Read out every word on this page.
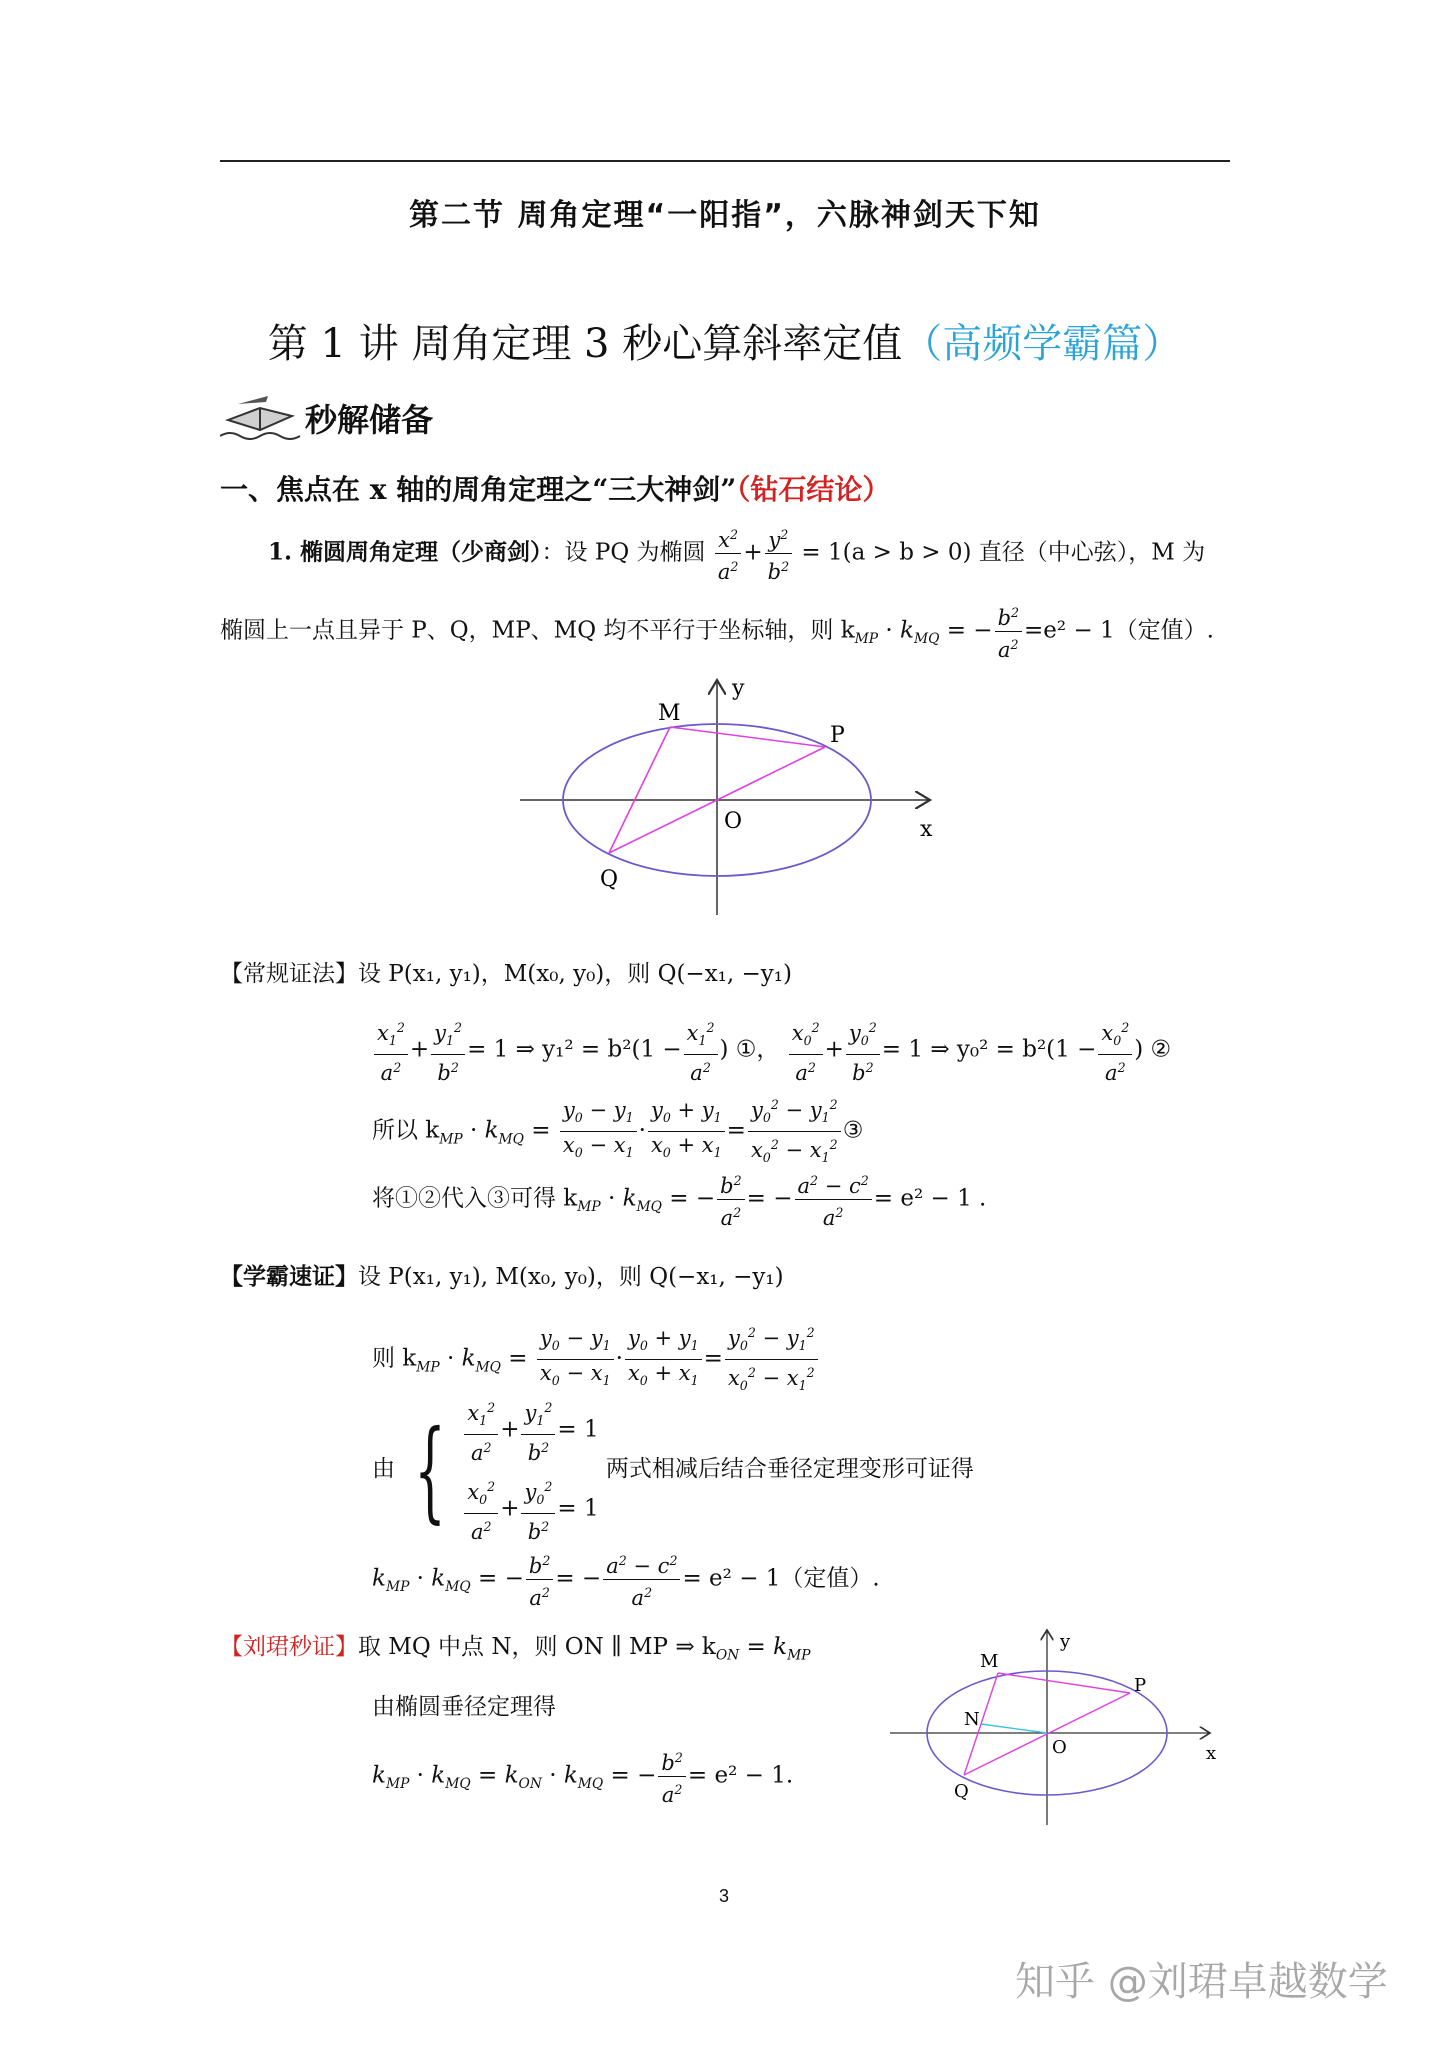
第二节 周角定理“一阳指”，六脉神剑天下知
第 1 讲 周角定理 3 秒心算斜率定值（高频学霸篇）
秒解储备
一、焦点在 x 轴的周角定理之“三大神剑”（钻石结论）
1. 椭圆周角定理（少商剑）：设 PQ 为椭圆 $\frac{x^2}{a^2} + \frac{y^2}{b^2} = 1(a > b > 0)$ 直径（中心弦），M 为
椭圆上一点且异于 P、Q，MP、MQ 均不平行于坐标轴，则 $k_{MP} \cdot k_{MQ}$ = − $\frac{b^2}{a^2} =e^2 - 1$（定值）.
M
P
Q
O	x
y
【常规证法】设 P(x₁, y₁)，M(x₀, y₀)，则 Q(−x₁, −y₁)
$\frac{x_1^2}{a^2} + \frac{y_1^2}{b^2} = 1$ ⇒ $y_1^2 = b^2(1 - \frac{x_1^2}{a^2}$ ) ①， $\frac{x_0^2}{a^2} + \frac{y_0^2}{b^2} = 1$ ⇒ $y_0^2 = b^2(1 - \frac{x_0^2}{a^2}$ ) ②
所以 $k_{MP} \cdot k_{MQ} = \frac{y_0 - y_1}{x_0 - x_1} \cdot \frac{y_0 + y_1}{x_0 + x_1} = \frac{y_0^2 - y_1^2}{x_0^2 - x_1^2}$ ③
将①②代入③可得 $k_{MP} \cdot k_{MQ}$ = − $\frac{b^2}{a^2}$ = − $\frac{a^2 - c^2}{a^2} = e^2 - 1$ .
【学霸速证】设 P(x₁, y₁), M(x₀, y₀)，则 Q(−x₁, −y₁)
则 $k_{MP} \cdot k_{MQ} = \frac{y_0 - y_1}{x_0 - x_1} \cdot \frac{y_0 + y_1}{x_0 + x_1} = \frac{y_0^2 - y_1^2}{x_0^2 - x_1^2}$
由 { $\frac{x_1^2}{a^2} + \frac{y_1^2}{b^2} = 1$
$\frac{x_0^2}{a^2} + \frac{y_0^2}{b^2} = 1$
两式相减后结合垂径定理变形可证得
$k_{MP} \cdot k_{MQ}$ = − $\frac{b^2}{a^2}$ = − $\frac{a^2 - c^2}{a^2} = e^2 - 1$（定值）.
【刘珺秒证】取 MQ 中点 N，则 ON ∥ MP ⇒ $k_{ON} = k_{MP}$
由椭圆垂径定理得
$k_{MP} \cdot k_{MQ} = k_{ON} \cdot k_{MQ}$ = − $\frac{b^2}{a^2} = e^2 - 1$.
M
P
Q
N
O	x
y
3
知乎 @刘珺卓越数学
